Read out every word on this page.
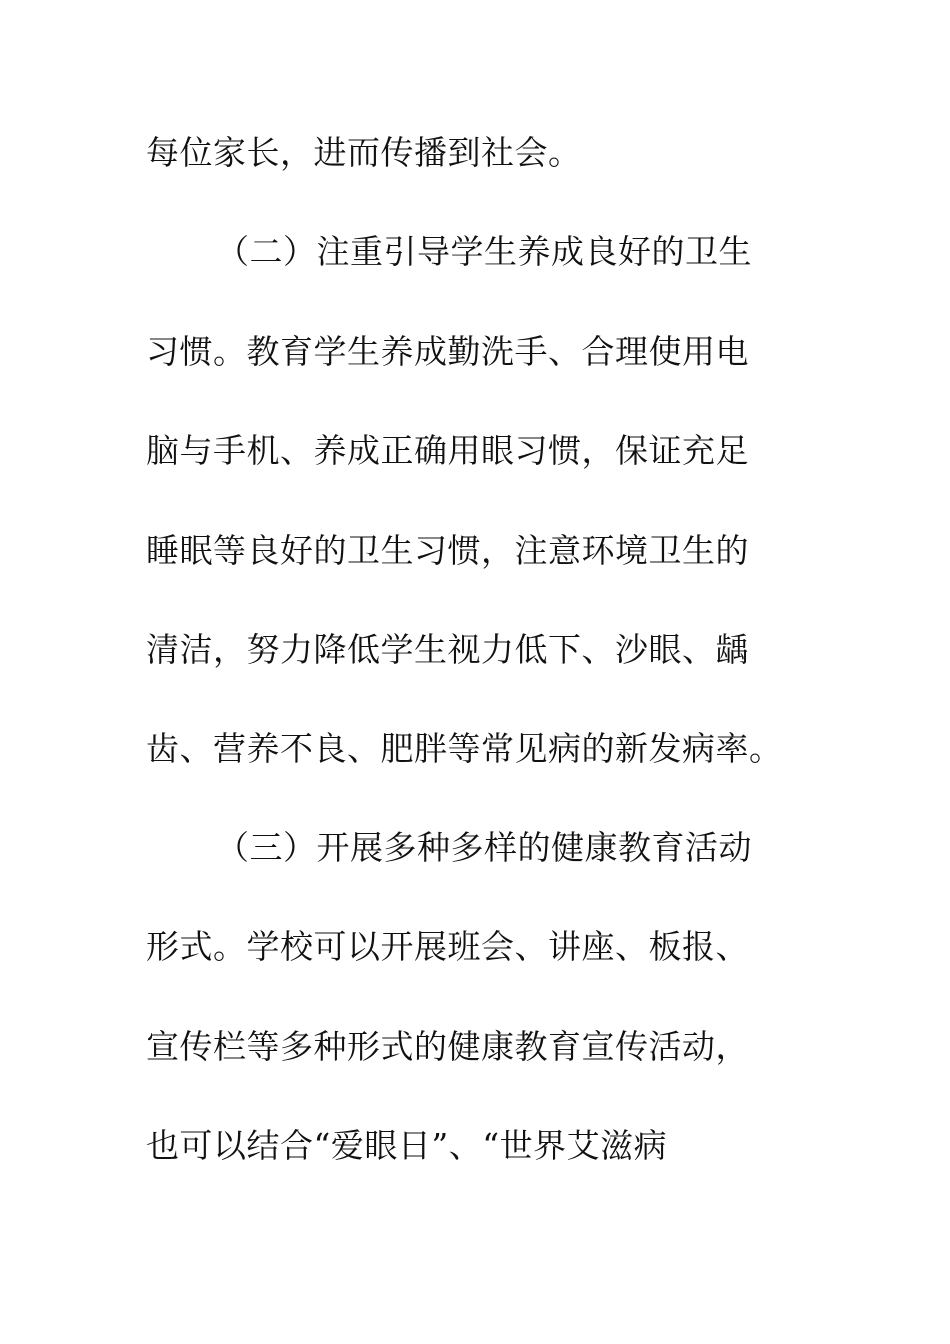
每位家长，进而传播到社会。
（二）注重引导学生养成良好的卫生
习惯。教育学生养成勤洗手、合理使用电
脑与手机、养成正确用眼习惯，保证充足
睡眠等良好的卫生习惯，注意环境卫生的
清洁，努力降低学生视力低下、沙眼、龋
齿、营养不良、肥胖等常见病的新发病率。
（三）开展多种多样的健康教育活动
形式。学校可以开展班会、讲座、板报、
宣传栏等多种形式的健康教育宣传活动，
也可以结合“爱眼日”、“世界艾滋病
